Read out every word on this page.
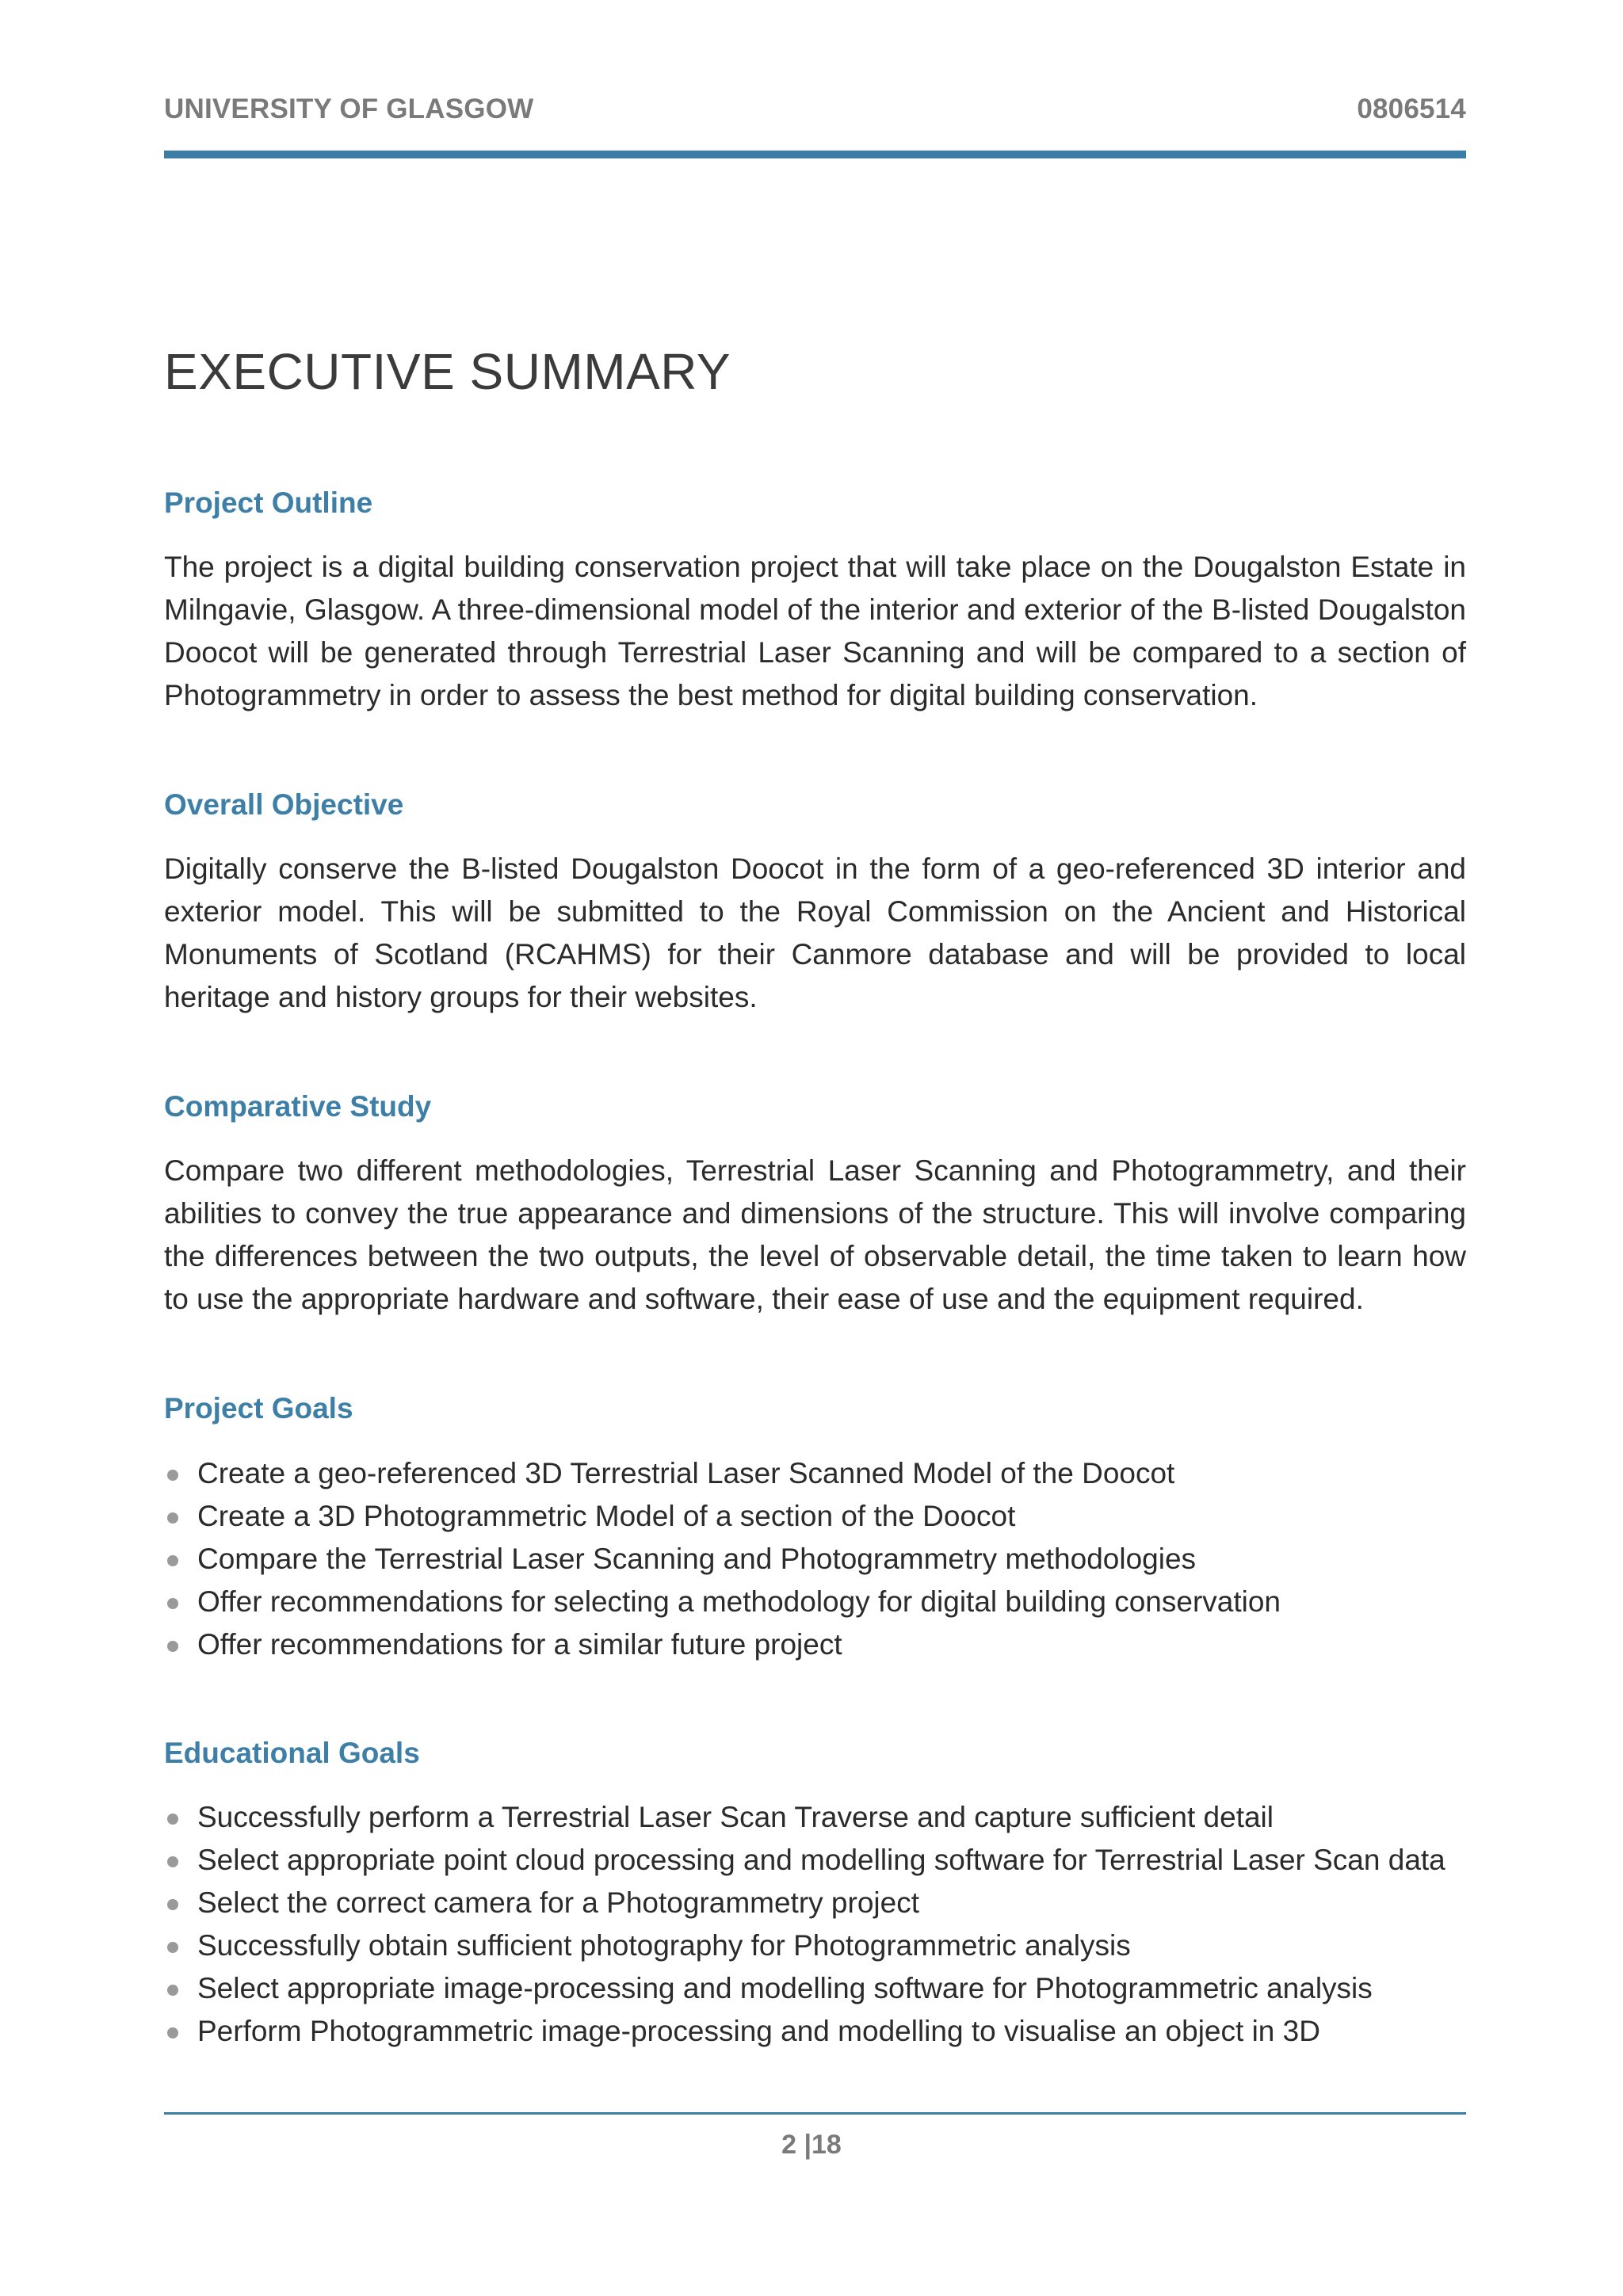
UNIVERSITY OF GLASGOW	0806514
EXECUTIVE SUMMARY
Project Outline

The project is a digital building conservation project that will take place on the Dougalston Estate in Milngavie, Glasgow. A three-dimensional model of the interior and exterior of the B-listed Dougalston Doocot will be generated through Terrestrial Laser Scanning and will be compared to a section of Photogrammetry in order to assess the best method for digital building conservation.

Overall Objective

Digitally conserve the B-listed Dougalston Doocot in the form of a geo-referenced 3D interior and exterior model. This will be submitted to the Royal Commission on the Ancient and Historical Monuments of Scotland (RCAHMS) for their Canmore database and will be provided to local heritage and history groups for their websites.

Comparative Study

Compare two different methodologies, Terrestrial Laser Scanning and Photogrammetry, and their abilities to convey the true appearance and dimensions of the structure. This will involve comparing the differences between the two outputs, the level of observable detail, the time taken to learn how to use the appropriate hardware and software, their ease of use and the equipment required.

Project Goals
Create a geo-referenced 3D Terrestrial Laser Scanned Model of the Doocot
Create a 3D Photogrammetric Model of a section of the Doocot
Compare the Terrestrial Laser Scanning and Photogrammetry methodologies
Offer recommendations for selecting a methodology for digital building conservation
Offer recommendations for a similar future project
Educational Goals
Successfully perform a Terrestrial Laser Scan Traverse and capture sufficient detail
Select appropriate point cloud processing and modelling software for Terrestrial Laser Scan data
Select the correct camera for a Photogrammetry project
Successfully obtain sufficient photography for Photogrammetric analysis
Select appropriate image-processing and modelling software for Photogrammetric analysis
Perform Photogrammetric image-processing and modelling to visualise an object in 3D
2 |18
